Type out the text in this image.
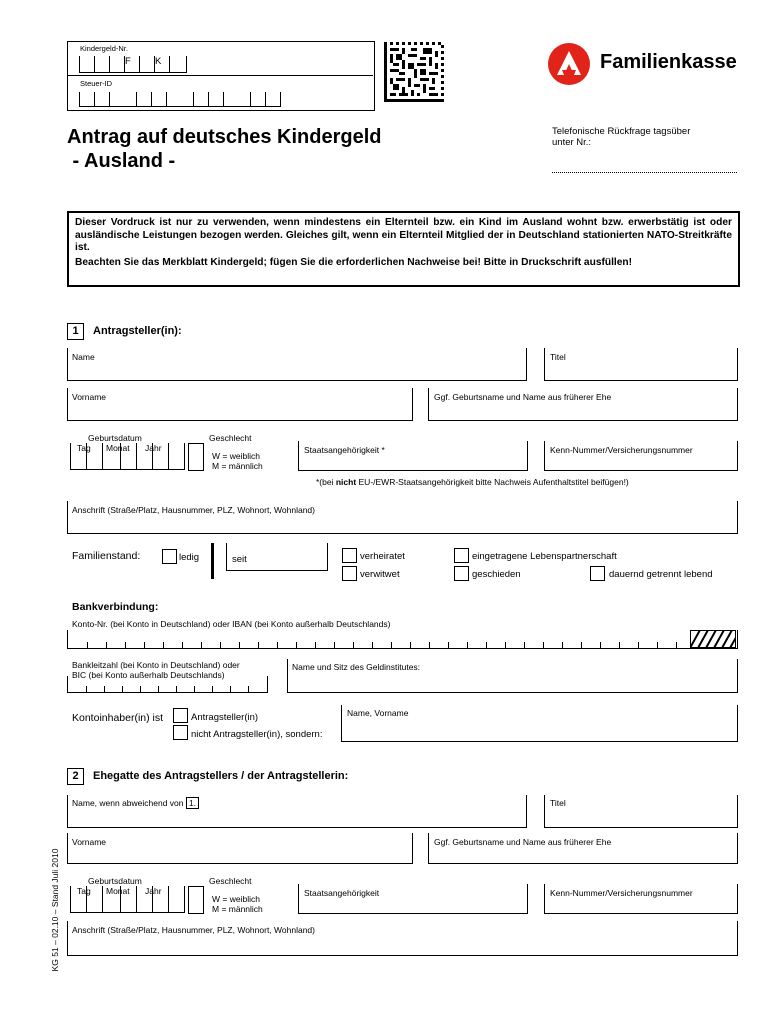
Kindergeld-Nr.
F	K
Steuer-ID
Familienkasse
Antrag auf deutsches Kindergeld
- Ausland -
Telefonische Rückfrage tagsüber
unter Nr.:
Dieser Vordruck ist nur zu verwenden, wenn mindestens ein Elternteil bzw. ein Kind im Ausland wohnt bzw. erwerbstätig ist oder ausländische Leistungen bezogen werden. Gleiches gilt, wenn ein Elternteil Mitglied der in Deutschland stationierten NATO-Streitkräfte ist.
Beachten Sie das Merkblatt Kindergeld; fügen Sie die erforderlichen Nachweise bei! Bitte in Druckschrift ausfüllen!
1	Antragsteller(in):
Name	Titel
Vorname	Ggf. Geburtsname und Name aus früherer Ehe
Geburtsdatum
Tag Monat Jahr
Geschlecht
W = weiblich
M = männlich
Staatsangehörigkeit *	Kenn-Nummer/Versicherungsnummer
*(bei nicht EU-/EWR-Staatsangehörigkeit bitte Nachweis Aufenthaltstitel beifügen!)
Anschrift (Straße/Platz, Hausnummer, PLZ, Wohnort, Wohnland)
Familienstand:	ledig	seit	verheiratet
verwitwet
eingetragene Lebenspartnerschaft
geschieden	dauernd getrennt lebend
Bankverbindung:
Konto-Nr. (bei Konto in Deutschland) oder IBAN (bei Konto außerhalb Deutschlands)
Bankleitzahl (bei Konto in Deutschland) oder
BIC (bei Konto außerhalb Deutschlands)
Name und Sitz des Geldinstitutes:
Kontoinhaber(in) ist	Antragsteller(in)
nicht Antragsteller(in), sondern:
Name, Vorname
2	Ehegatte des Antragstellers / der Antragstellerin:
Name, wenn abweichend von 1.	Titel
Vorname	Ggf. Geburtsname und Name aus früherer Ehe
Geburtsdatum
Tag Monat Jahr
Geschlecht
W = weiblich
M = männlich
Staatsangehörigkeit	Kenn-Nummer/Versicherungsnummer
Anschrift (Straße/Platz, Hausnummer, PLZ, Wohnort, Wohnland)
KG 51 – 02.10 – Stand Juli 2010
